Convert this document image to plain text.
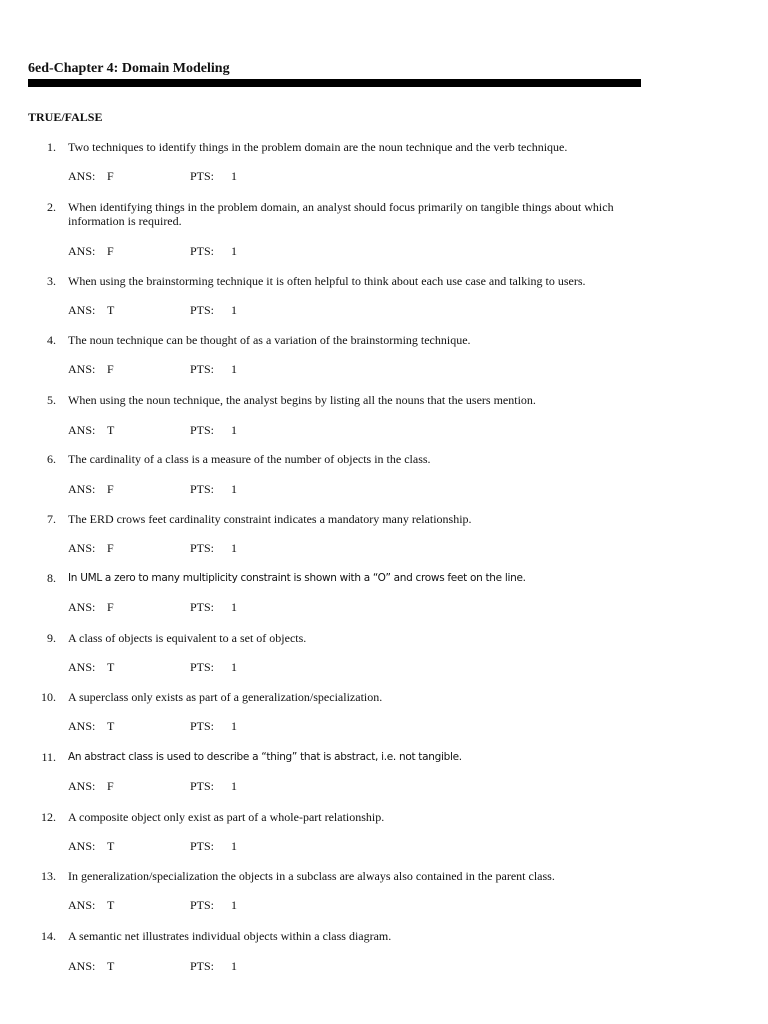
6ed-Chapter 4: Domain Modeling
TRUE/FALSE
1. Two techniques to identify things in the problem domain are the noun technique and the verb technique.
ANS: F	PTS: 1
2. When identifying things in the problem domain, an analyst should focus primarily on tangible things about which information is required.
ANS: F	PTS: 1
3. When using the brainstorming technique it is often helpful to think about each use case and talking to users.
ANS: T	PTS: 1
4. The noun technique can be thought of as a variation of the brainstorming technique.
ANS: F	PTS: 1
5. When using the noun technique, the analyst begins by listing all the nouns that the users mention.
ANS: T	PTS: 1
6. The cardinality of a class is a measure of the number of objects in the class.
ANS: F	PTS: 1
7. The ERD crows feet cardinality constraint indicates a mandatory many relationship.
ANS: F	PTS: 1
8. In UML a zero to many multiplicity constraint is shown with a “O” and crows feet on the line.
ANS: F	PTS: 1
9. A class of objects is equivalent to a set of objects.
ANS: T	PTS: 1
10. A superclass only exists as part of a generalization/specialization.
ANS: T	PTS: 1
11. An abstract class is used to describe a “thing” that is abstract, i.e. not tangible.
ANS: F	PTS: 1
12. A composite object only exist as part of a whole-part relationship.
ANS: T	PTS: 1
13. In generalization/specialization the objects in a subclass are always also contained in the parent class.
ANS: T	PTS: 1
14. A semantic net illustrates individual objects within a class diagram.
ANS: T	PTS: 1
